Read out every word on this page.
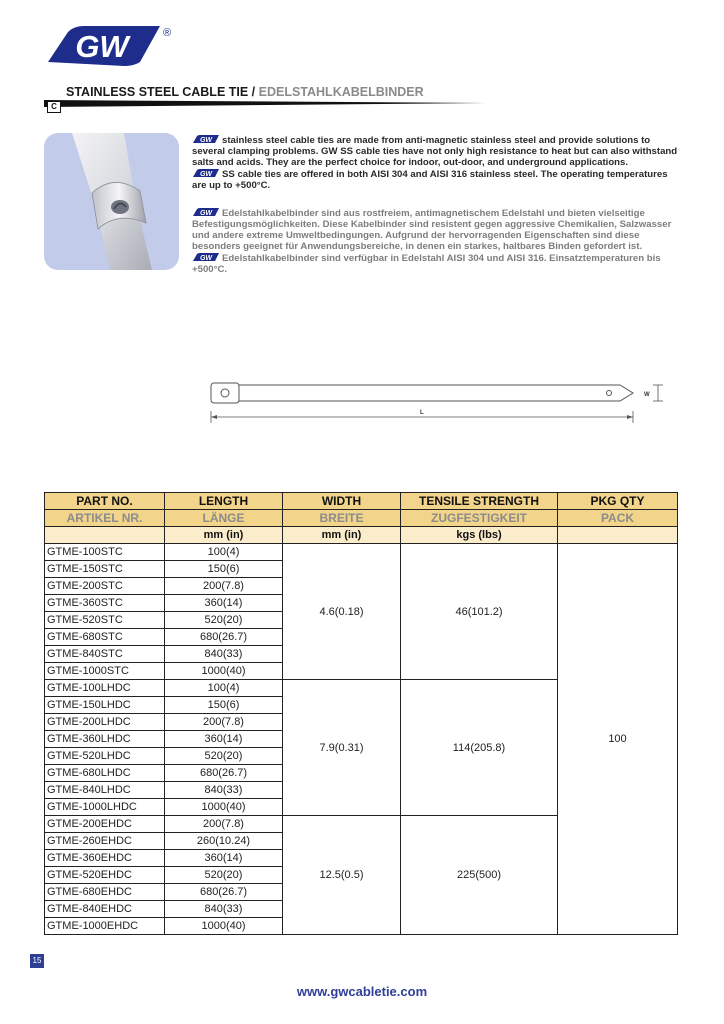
GW	®
STAINLESS STEEL CABLE TIE / EDELSTAHLKABELBINDER
C

GW stainless steel cable ties are made from anti-magnetic stainless steel and provide solutions to several clamping problems. GW SS cable ties have not only high resistance to heat but can also withstand salts and acids. They are the perfect choice for indoor, out-door, and underground applications.

GW SS cable ties are offered in both AISI 304 and AISI 316 stainless steel. The operating temperatures are up to +500°C.

GW Edelstahlkabelbinder sind aus rostfreiem, antimagnetischem Edelstahl und bieten vielseitige Befestigungsmöglichkeiten. Diese Kabelbinder sind resistent gegen aggressive Chemikalien, Salzwasser und andere extreme Umweltbedingungen. Aufgrund der hervorragenden Eigenschaften sind diese besonders geeignet für Anwendungsbereiche, in denen ein starkes, haltbares Binden gefordert ist.

GW Edelstahlkabelbinder sind verfügbar in Edelstahl AISI 304 und AISI 316. Einsatztemperaturen bis +500°C.

L
W
PART NO.	LENGTH	WIDTH	TENSILE STRENGTH	PKG QTY
ARTIKEL NR.	LÄNGE	BREITE	ZUGFESTIGKEIT	PACK
	mm (in)	mm (in)	kgs (lbs)	
GTME-100STC	100(4)	4.6(0.18)	46(101.2)	100
GTME-150STC	150(6)			
GTME-200STC	200(7.8)			
GTME-360STC	360(14)			
GTME-520STC	520(20)			
GTME-680STC	680(26.7)			
GTME-840STC	840(33)			
GTME-1000STC	1000(40)			
GTME-100LHDC	100(4)	7.9(0.31)	114(205.8)	
GTME-150LHDC	150(6)			
GTME-200LHDC	200(7.8)			
GTME-360LHDC	360(14)			
GTME-520LHDC	520(20)			
GTME-680LHDC	680(26.7)			
GTME-840LHDC	840(33)			
GTME-1000LHDC	1000(40)			
GTME-200EHDC	200(7.8)	12.5(0.5)	225(500)	
GTME-260EHDC	260(10.24)			
GTME-360EHDC	360(14)			
GTME-520EHDC	520(20)			
GTME-680EHDC	680(26.7)			
GTME-840EHDC	840(33)			
GTME-1000EHDC	1000(40)			
15
www.gwcabletie.com
